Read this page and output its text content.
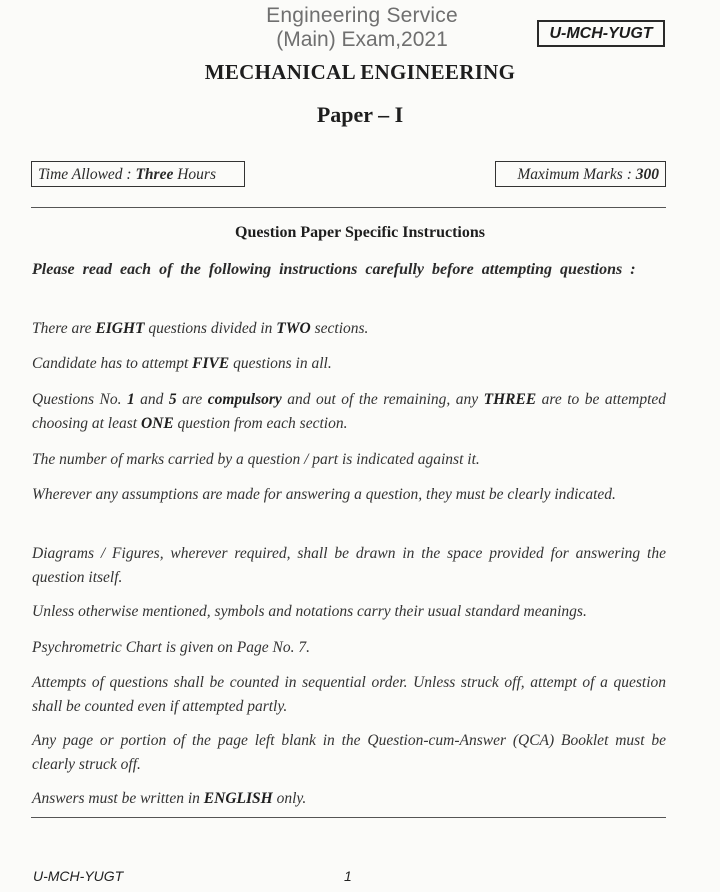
Engineering Service
(Main) Exam,2021	U-MCH-YUGT
MECHANICAL ENGINEERING
Paper – I
Time Allowed : Three Hours	Maximum Marks : 300
Question Paper Specific Instructions
Please read each of the following instructions carefully before attempting questions :
There are EIGHT questions divided in TWO sections.
Candidate has to attempt FIVE questions in all.
Questions No. 1 and 5 are compulsory and out of the remaining, any THREE are to be attempted choosing at least ONE question from each section.
The number of marks carried by a question / part is indicated against it.
Wherever any assumptions are made for answering a question, they must be clearly indicated.
Diagrams / Figures, wherever required, shall be drawn in the space provided for answering the question itself.
Unless otherwise mentioned, symbols and notations carry their usual standard meanings.
Psychrometric Chart is given on Page No. 7.
Attempts of questions shall be counted in sequential order. Unless struck off, attempt of a question shall be counted even if attempted partly.
Any page or portion of the page left blank in the Question-cum-Answer (QCA) Booklet must be clearly struck off.
Answers must be written in ENGLISH only.
U-MCH-YUGT	1
